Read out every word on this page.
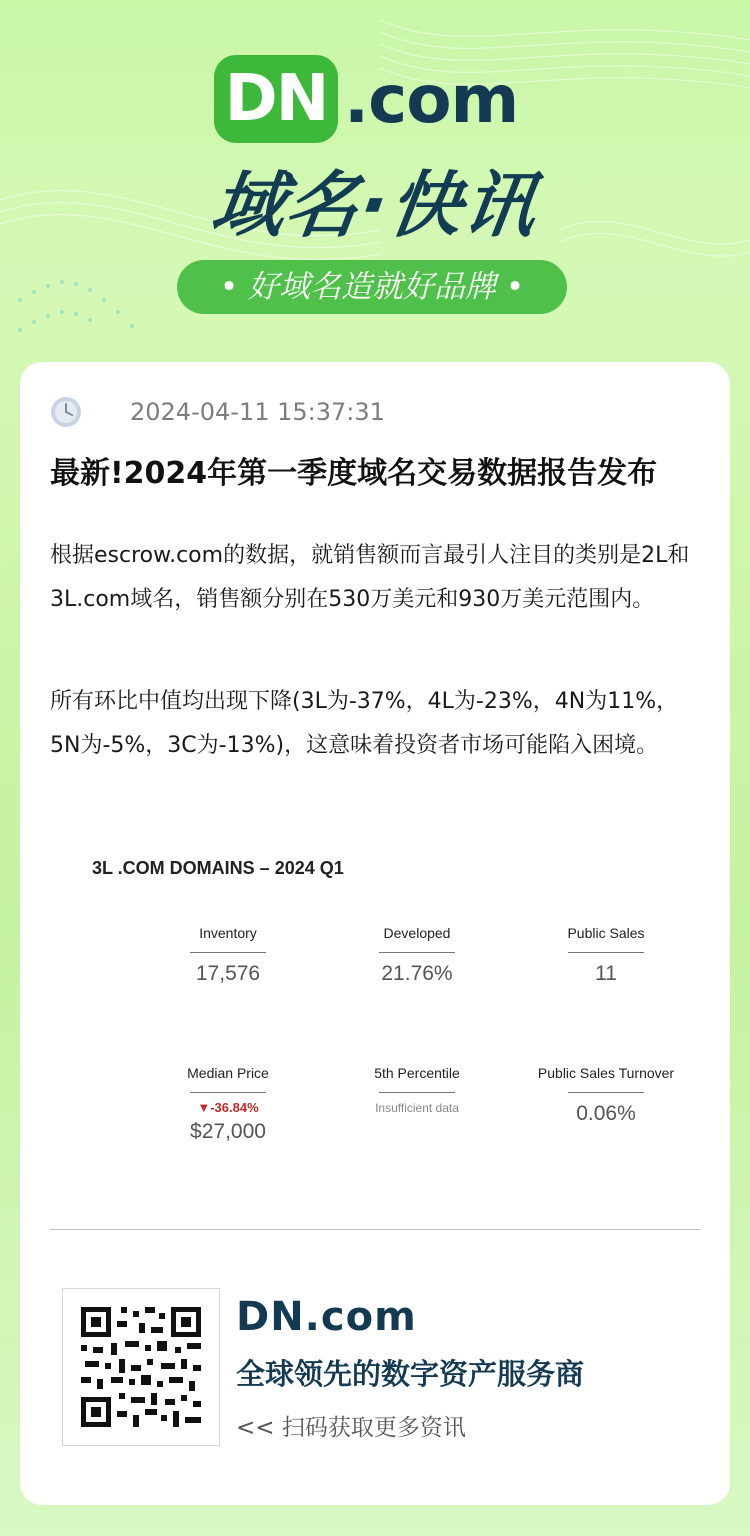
DN .com
域名·快讯
• 好域名造就好品牌 •
2024-04-11 15:37:31
最新!2024年第一季度域名交易数据报告发布
根据escrow.com的数据，就销售额而言最引人注目的类别是2L和3L.com域名，销售额分别在530万美元和930万美元范围内。
所有环比中值均出现下降(3L为-37%，4L为-23%，4N为11%，5N为-5%，3C为-13%)，这意味着投资者市场可能陷入困境。
3L .COM DOMAINS – 2024 Q1
Inventory
17,576
Developed
21.76%
Public Sales
11
Median Price
▼-36.84%
$27,000
5th Percentile
Insufficient data
Public Sales Turnover
0.06%
DN.com
全球领先的数字资产服务商
<< 扫码获取更多资讯
